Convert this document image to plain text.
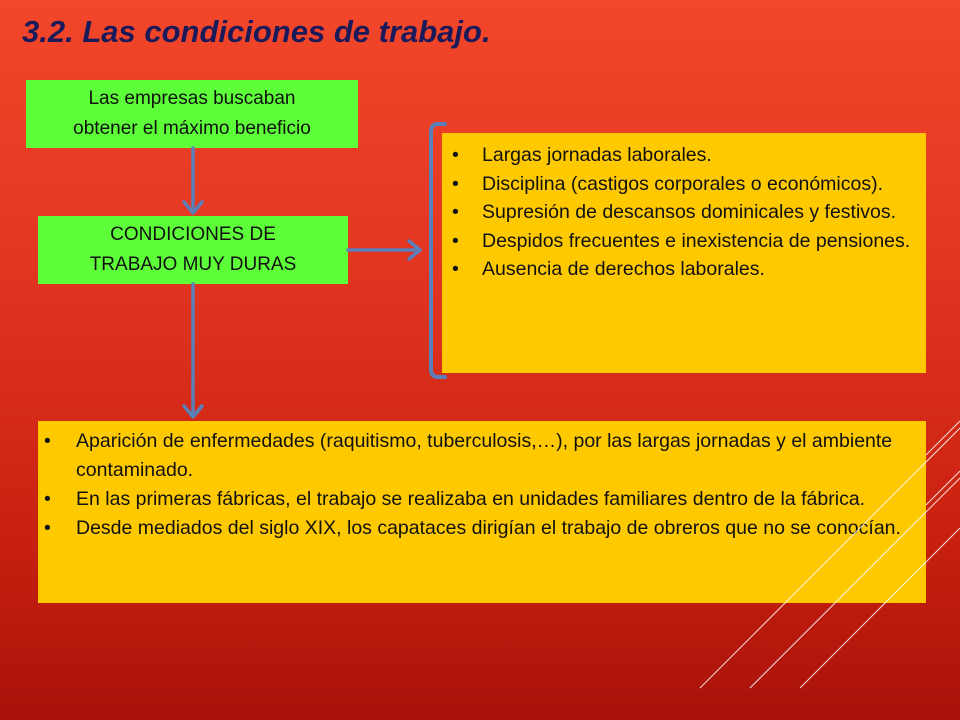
3.2. Las condiciones de trabajo.
Las empresas buscaban
obtener el máximo beneficio
CONDICIONES DE
TRABAJO MUY DURAS
• Largas jornadas laborales.
• Disciplina (castigos corporales o económicos).
• Supresión de descansos dominicales y festivos.
• Despidos frecuentes e inexistencia de pensiones.
• Ausencia de derechos laborales.
• Aparición de enfermedades (raquitismo, tuberculosis,…), por las largas jornadas y el ambiente contaminado.
• En las primeras fábricas, el trabajo se realizaba en unidades familiares dentro de la fábrica.
• Desde mediados del siglo XIX, los capataces dirigían el trabajo de obreros que no se conocían.
